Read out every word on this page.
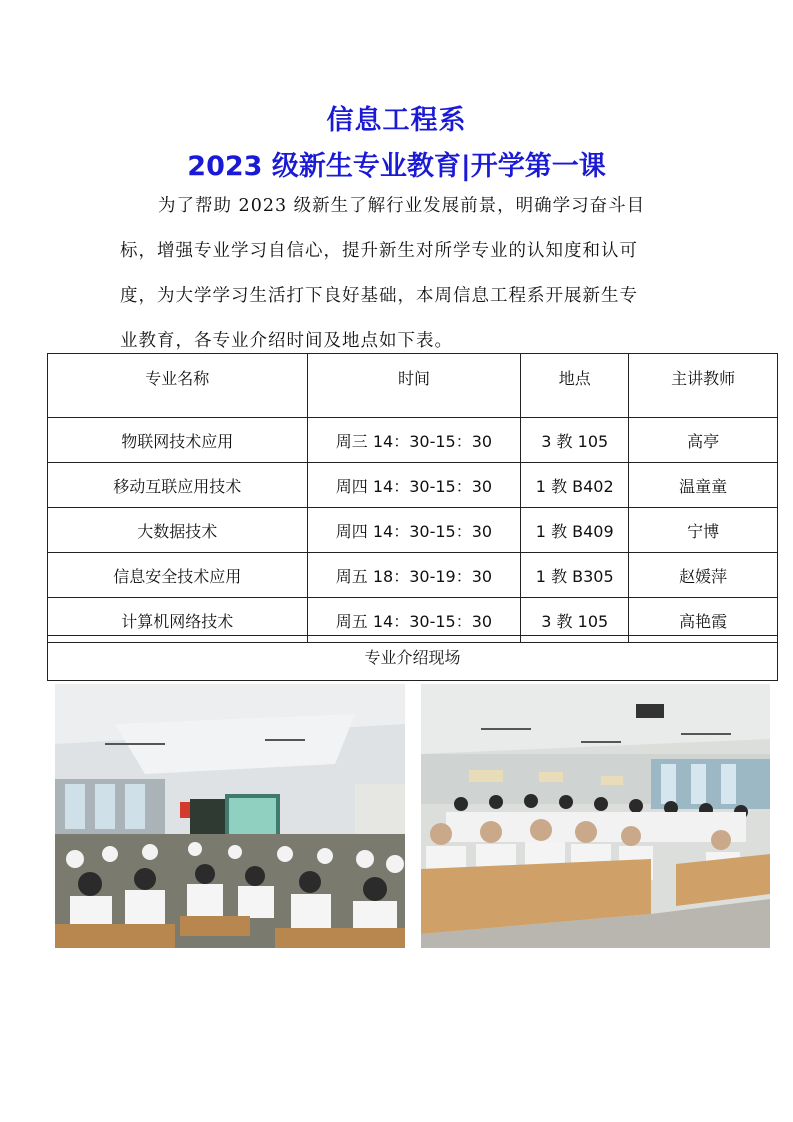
信息工程系
2023 级新生专业教育|开学第一课
为了帮助 2023 级新生了解行业发展前景，明确学习奋斗目
标，增强专业学习自信心，提升新生对所学专业的认知度和认可
度，为大学学习生活打下良好基础，本周信息工程系开展新生专
业教育，各专业介绍时间及地点如下表。
专业名称	时间	地点	主讲教师
物联网技术应用	周三 14：30-15：30	3 教 105	高亭
移动互联应用技术	周四 14：30-15：30	1 教 B402	温童童
大数据技术	周四 14：30-15：30	1 教 B409	宁博
信息安全技术应用	周五 18：30-19：30	1 教 B305	赵媛萍
计算机网络技术	周五 14：30-15：30	3 教 105	高艳霞
专业介绍现场
